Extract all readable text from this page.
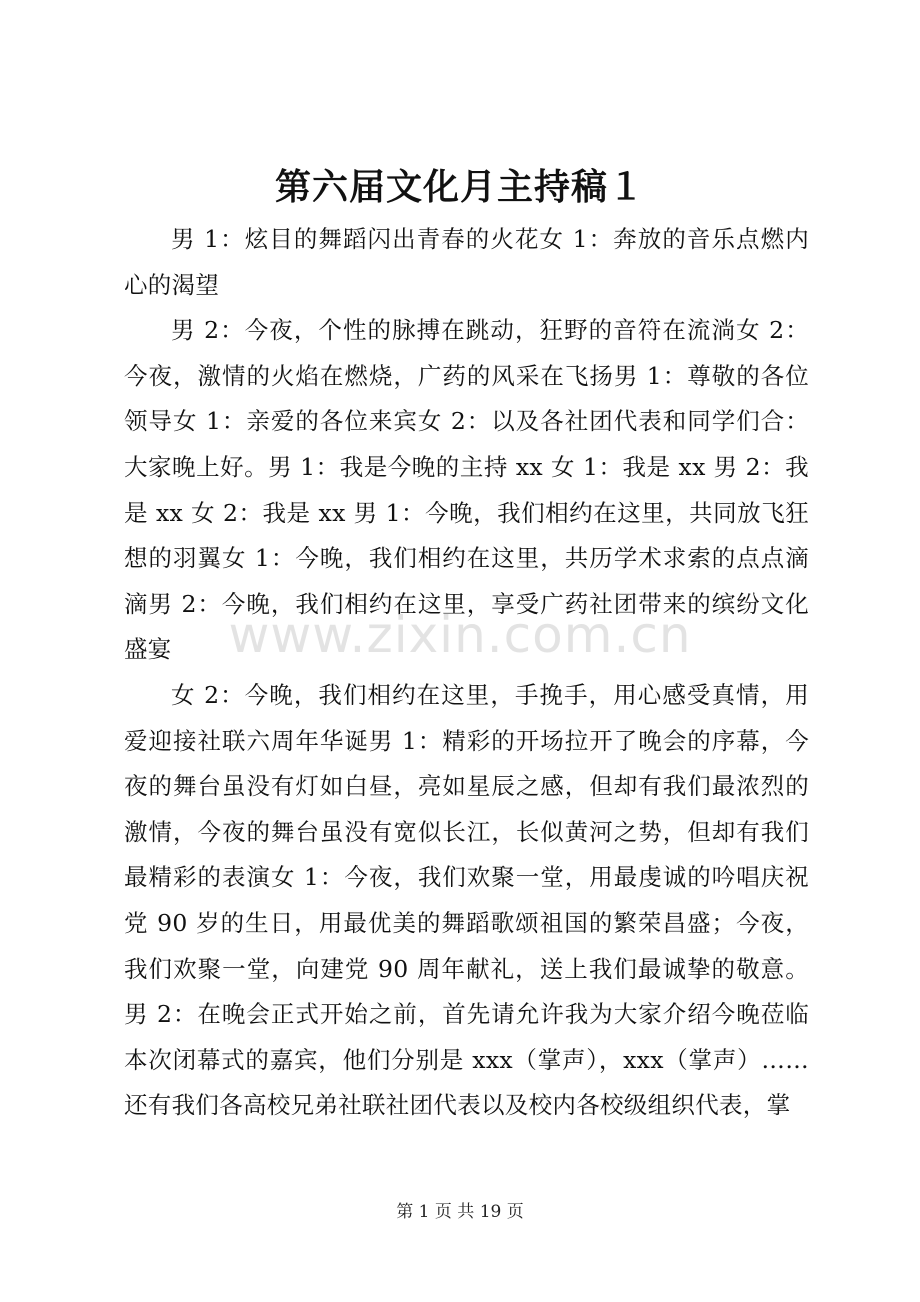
第六届文化月主持稿１

男 1：炫目的舞蹈闪出青春的火花女 1：奔放的音乐点燃内心的渴望

男 2：今夜，个性的脉搏在跳动，狂野的音符在流淌女 2：今夜，激情的火焰在燃烧，广药的风采在飞扬男 1：尊敬的各位领导女 1：亲爱的各位来宾女 2：以及各社团代表和同学们合：大家晚上好。男 1：我是今晚的主持 xx 女 1：我是 xx 男 2：我是 xx 女 2：我是 xx 男 1：今晚，我们相约在这里，共同放飞狂想的羽翼女 1：今晚，我们相约在这里，共历学术求索的点点滴滴男 2：今晚，我们相约在这里，享受广药社团带来的缤纷文化盛宴

女 2：今晚，我们相约在这里，手挽手，用心感受真情，用爱迎接社联六周年华诞男 1：精彩的开场拉开了晚会的序幕，今夜的舞台虽没有灯如白昼，亮如星辰之感，但却有我们最浓烈的激情，今夜的舞台虽没有宽似长江，长似黄河之势，但却有我们最精彩的表演女 1：今夜，我们欢聚一堂，用最虔诚的吟唱庆祝党 90 岁的生日，用最优美的舞蹈歌颂祖国的繁荣昌盛；今夜，我们欢聚一堂，向建党 90 周年献礼，送上我们最诚挚的敬意。男 2：在晚会正式开始之前，首先请允许我为大家介绍今晚莅临本次闭幕式的嘉宾，他们分别是 xxx（掌声），xxx（掌声）……还有我们各高校兄弟社联社团代表以及校内各校级组织代表，掌

www.zixin.com.cn
第 1 页 共 19 页
